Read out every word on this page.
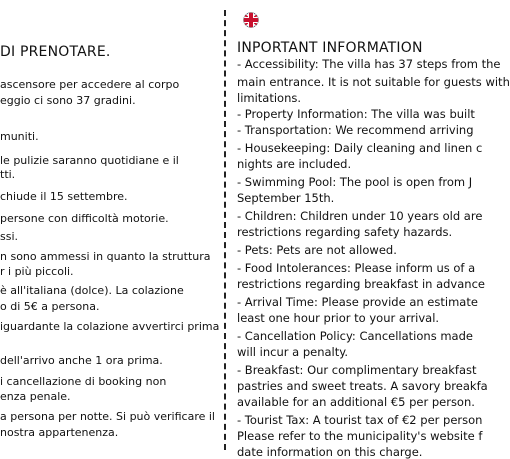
DI PRENOTARE.
ascensore per accedere al corpo
eggio ci sono 37 gradini.
muniti.
le pulizie saranno quotidiane e il
tti.
chiude il 15 settembre.
persone con difficoltà motorie.
ssi.
n sono ammessi in quanto la struttura
r i più piccoli.
è all'italiana (dolce). La colazione
o di 5€ a persona.
iguardante la colazione avvertirci prima
dell'arrivo anche 1 ora prima.
i cancellazione di booking non
enza penale.
a persona per notte. Si può verificare il
nostra appartenenza.
INPORTANT INFORMATION
- Accessibility: The villa has 37 steps from the
main entrance. It is not suitable for guests with
limitations.
- Property Information: The villa was built
- Transportation: We recommend arriving
- Housekeeping: Daily cleaning and linen c
nights are included.
- Swimming Pool: The pool is open from J
September 15th.
- Children: Children under 10 years old are
restrictions regarding safety hazards.
- Pets: Pets are not allowed.
- Food Intolerances: Please inform us of a
restrictions regarding breakfast in advance
- Arrival Time: Please provide an estimate
least one hour prior to your arrival.
- Cancellation Policy: Cancellations made
will incur a penalty.
- Breakfast: Our complimentary breakfast
pastries and sweet treats. A savory breakfa
available for an additional €5 per person.
- Tourist Tax: A tourist tax of €2 per person
Please refer to the municipality's website f
date information on this charge.
